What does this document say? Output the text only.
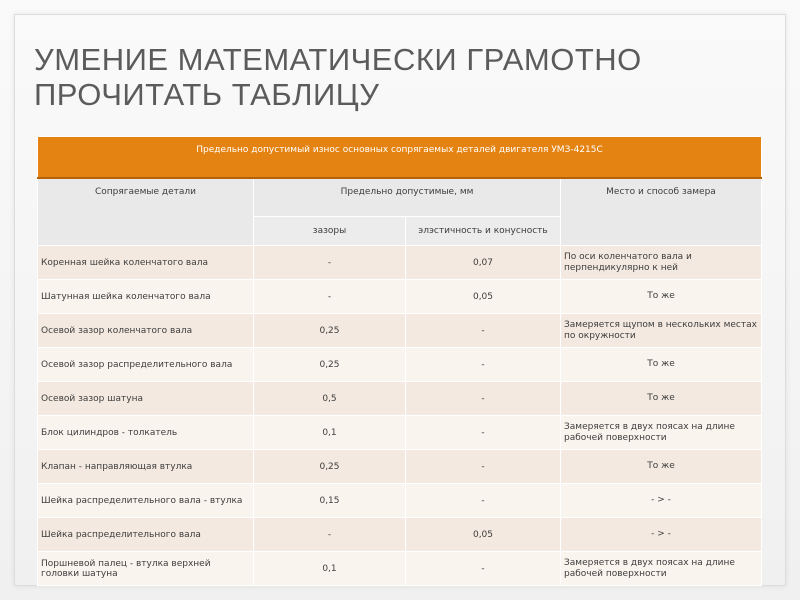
УМЕНИЕ МАТЕМАТИЧЕСКИ ГРАМОТНО ПРОЧИТАТЬ ТАБЛИЦУ
Предельно допустимый износ основных сопрягаемых деталей двигателя УМЗ-4215С			
Сопрягаемые детали	Предельно допустимые, мм		Место и способ замера
	зазоры	элэстичность и конусность	
Коренная шейка коленчатого вала	-	0,07	По оси коленчатого вала и перпендикулярно к ней
Шатунная шейка коленчатого вала	-	0,05	То же
Осевой зазор коленчатого вала	0,25	-	Замеряется щупом в нескольких местах по окружности
Осевой зазор распределительного вала	0,25	-	То же
Осевой зазор шатуна	0,5	-	То же
Блок цилиндров - толкатель	0,1	-	Замеряется в двух поясах на длине рабочей поверхности
Клапан - направляющая втулка	0,25	-	То же
Шейка распределительного вала - втулка	0,15	-	- > -
Шейка распределительного вала	-	0,05	- > -
Поршневой палец - втулка верхней головки шатуна	0,1	-	Замеряется в двух поясах на длине рабочей поверхности
